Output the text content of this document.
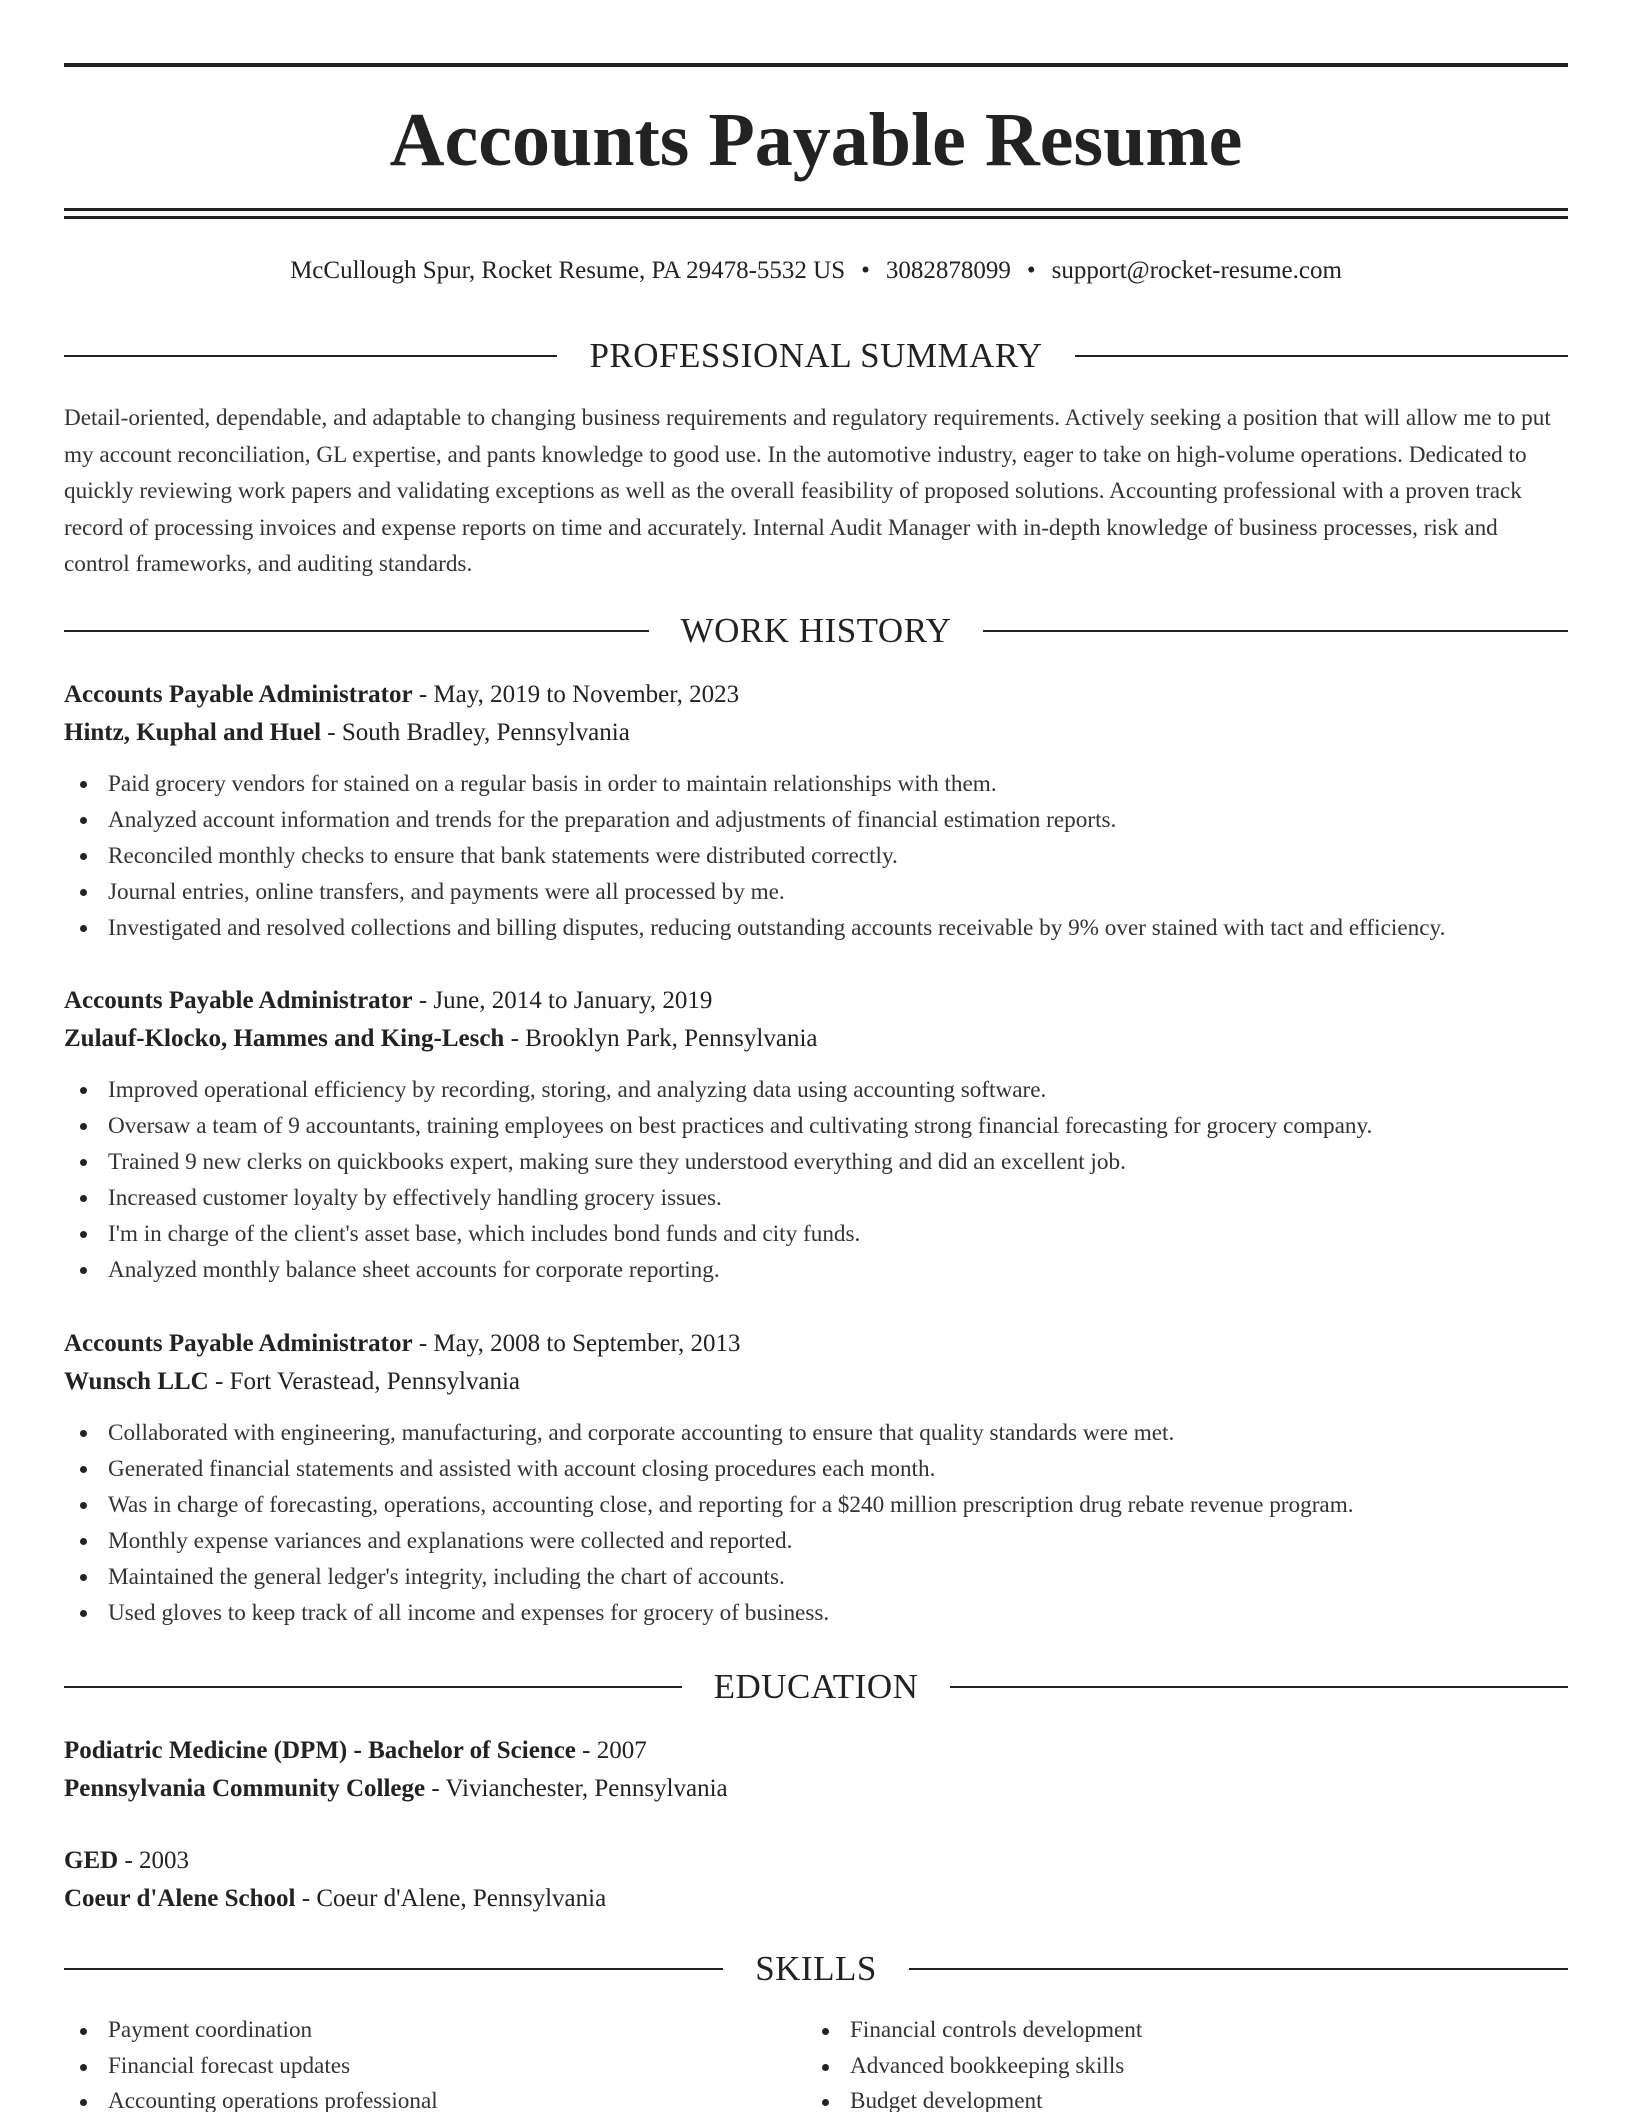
Accounts Payable Resume
McCullough Spur, Rocket Resume, PA 29478-5532 US • 3082878099 • support@rocket-resume.com
PROFESSIONAL SUMMARY

Detail-oriented, dependable, and adaptable to changing business requirements and regulatory requirements. Actively seeking a position that will allow me to put my account reconciliation, GL expertise, and pants knowledge to good use. In the automotive industry, eager to take on high-volume operations. Dedicated to quickly reviewing work papers and validating exceptions as well as the overall feasibility of proposed solutions. Accounting professional with a proven track record of processing invoices and expense reports on time and accurately. Internal Audit Manager with in-depth knowledge of business processes, risk and control frameworks, and auditing standards.

WORK HISTORY
Accounts Payable Administrator - May, 2019 to November, 2023
Hintz, Kuphal and Huel - South Bradley, Pennsylvania
Paid grocery vendors for stained on a regular basis in order to maintain relationships with them.
Analyzed account information and trends for the preparation and adjustments of financial estimation reports.
Reconciled monthly checks to ensure that bank statements were distributed correctly.
Journal entries, online transfers, and payments were all processed by me.
Investigated and resolved collections and billing disputes, reducing outstanding accounts receivable by 9% over stained with tact and efficiency.
Accounts Payable Administrator - June, 2014 to January, 2019
Zulauf-Klocko, Hammes and King-Lesch - Brooklyn Park, Pennsylvania
Improved operational efficiency by recording, storing, and analyzing data using accounting software.
Oversaw a team of 9 accountants, training employees on best practices and cultivating strong financial forecasting for grocery company.
Trained 9 new clerks on quickbooks expert, making sure they understood everything and did an excellent job.
Increased customer loyalty by effectively handling grocery issues.
I'm in charge of the client's asset base, which includes bond funds and city funds.
Analyzed monthly balance sheet accounts for corporate reporting.
Accounts Payable Administrator - May, 2008 to September, 2013
Wunsch LLC - Fort Verastead, Pennsylvania
Collaborated with engineering, manufacturing, and corporate accounting to ensure that quality standards were met.
Generated financial statements and assisted with account closing procedures each month.
Was in charge of forecasting, operations, accounting close, and reporting for a $240 million prescription drug rebate revenue program.
Monthly expense variances and explanations were collected and reported.
Maintained the general ledger's integrity, including the chart of accounts.
Used gloves to keep track of all income and expenses for grocery of business.
EDUCATION
Podiatric Medicine (DPM) - Bachelor of Science - 2007
Pennsylvania Community College - Vivianchester, Pennsylvania
GED - 2003
Coeur d'Alene School - Coeur d'Alene, Pennsylvania
SKILLS
Payment coordination
Financial forecast updates
Accounting operations professional
Financial controls development
Advanced bookkeeping skills
Budget development
